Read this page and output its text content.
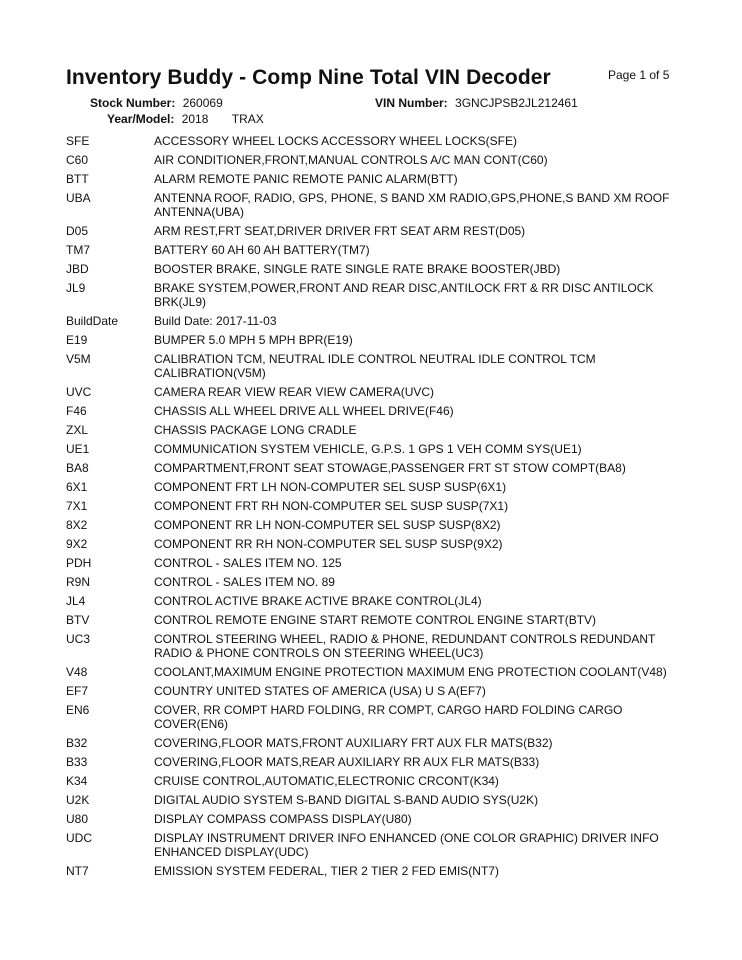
Inventory Buddy - Comp Nine Total VIN Decoder	Page 1 of 5
Stock Number: 260069	VIN Number: 3GNCJPSB2JL212461
Year/Model: 2018 TRAX
SFE	ACCESSORY WHEEL LOCKS ACCESSORY WHEEL LOCKS(SFE)
C60	AIR CONDITIONER,FRONT,MANUAL CONTROLS A/C MAN CONT(C60)
BTT	ALARM REMOTE PANIC REMOTE PANIC ALARM(BTT)
UBA	ANTENNA ROOF, RADIO, GPS, PHONE, S BAND XM RADIO,GPS,PHONE,S BAND XM ROOF ANTENNA(UBA)
D05	ARM REST,FRT SEAT,DRIVER DRIVER FRT SEAT ARM REST(D05)
TM7	BATTERY 60 AH 60 AH BATTERY(TM7)
JBD	BOOSTER BRAKE, SINGLE RATE SINGLE RATE BRAKE BOOSTER(JBD)
JL9	BRAKE SYSTEM,POWER,FRONT AND REAR DISC,ANTILOCK FRT & RR DISC ANTILOCK BRK(JL9)
BuildDate	Build Date: 2017-11-03
E19	BUMPER 5.0 MPH 5 MPH BPR(E19)
V5M	CALIBRATION TCM, NEUTRAL IDLE CONTROL NEUTRAL IDLE CONTROL TCM CALIBRATION(V5M)
UVC	CAMERA REAR VIEW REAR VIEW CAMERA(UVC)
F46	CHASSIS ALL WHEEL DRIVE ALL WHEEL DRIVE(F46)
ZXL	CHASSIS PACKAGE LONG CRADLE
UE1	COMMUNICATION SYSTEM VEHICLE, G.P.S. 1 GPS 1 VEH COMM SYS(UE1)
BA8	COMPARTMENT,FRONT SEAT STOWAGE,PASSENGER FRT ST STOW COMPT(BA8)
6X1	COMPONENT FRT LH NON-COMPUTER SEL SUSP SUSP(6X1)
7X1	COMPONENT FRT RH NON-COMPUTER SEL SUSP SUSP(7X1)
8X2	COMPONENT RR LH NON-COMPUTER SEL SUSP SUSP(8X2)
9X2	COMPONENT RR RH NON-COMPUTER SEL SUSP SUSP(9X2)
PDH	CONTROL - SALES ITEM NO. 125
R9N	CONTROL - SALES ITEM NO. 89
JL4	CONTROL ACTIVE BRAKE ACTIVE BRAKE CONTROL(JL4)
BTV	CONTROL REMOTE ENGINE START REMOTE CONTROL ENGINE START(BTV)
UC3	CONTROL STEERING WHEEL, RADIO & PHONE, REDUNDANT CONTROLS REDUNDANT RADIO & PHONE CONTROLS ON STEERING WHEEL(UC3)
V48	COOLANT,MAXIMUM ENGINE PROTECTION MAXIMUM ENG PROTECTION COOLANT(V48)
EF7	COUNTRY UNITED STATES OF AMERICA (USA) U S A(EF7)
EN6	COVER, RR COMPT HARD FOLDING, RR COMPT, CARGO HARD FOLDING CARGO COVER(EN6)
B32	COVERING,FLOOR MATS,FRONT AUXILIARY FRT AUX FLR MATS(B32)
B33	COVERING,FLOOR MATS,REAR AUXILIARY RR AUX FLR MATS(B33)
K34	CRUISE CONTROL,AUTOMATIC,ELECTRONIC CRCONT(K34)
U2K	DIGITAL AUDIO SYSTEM S-BAND DIGITAL S-BAND AUDIO SYS(U2K)
U80	DISPLAY COMPASS COMPASS DISPLAY(U80)
UDC	DISPLAY INSTRUMENT DRIVER INFO ENHANCED (ONE COLOR GRAPHIC) DRIVER INFO ENHANCED DISPLAY(UDC)
NT7	EMISSION SYSTEM FEDERAL, TIER 2 TIER 2 FED EMIS(NT7)
